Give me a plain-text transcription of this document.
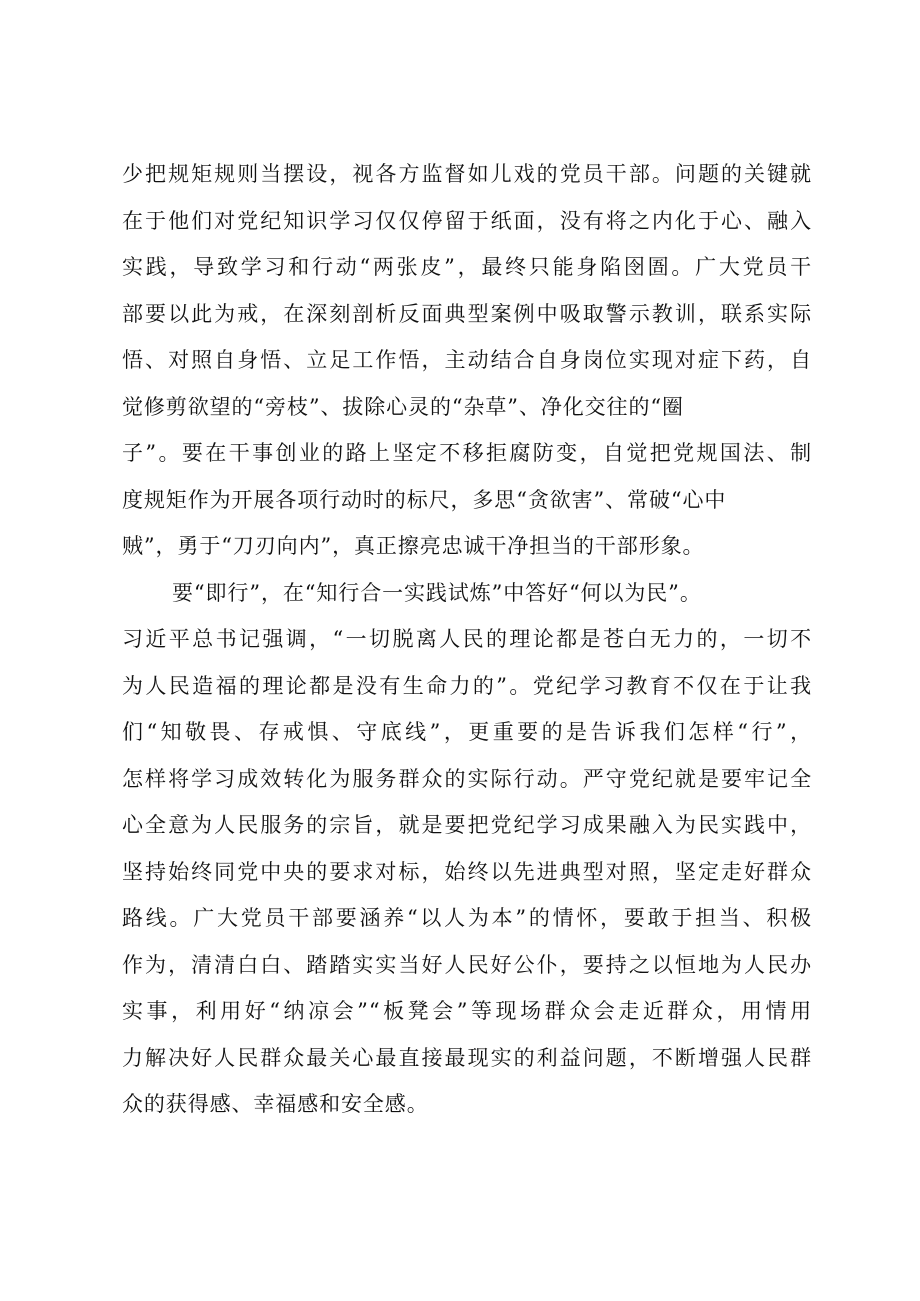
少把规矩规则当摆设，视各方监督如儿戏的党员干部。问题的关键就
在于他们对党纪知识学习仅仅停留于纸面，没有将之内化于心、融入
实践，导致学习和行动“两张皮”，最终只能身陷囹圄。广大党员干
部要以此为戒，在深刻剖析反面典型案例中吸取警示教训，联系实际
悟、对照自身悟、立足工作悟，主动结合自身岗位实现对症下药，自
觉修剪欲望的“旁枝”、拔除心灵的“杂草”、净化交往的“圈
子”。要在干事创业的路上坚定不移拒腐防变，自觉把党规国法、制
度规矩作为开展各项行动时的标尺，多思“贪欲害”、常破“心中
贼”，勇于“刀刃向内”，真正擦亮忠诚干净担当的干部形象。
要“即行”，在“知行合一实践试炼”中答好“何以为民”。
习近平总书记强调，“一切脱离人民的理论都是苍白无力的，一切不
为人民造福的理论都是没有生命力的”。党纪学习教育不仅在于让我
们“知敬畏、存戒惧、守底线”，更重要的是告诉我们怎样“行”，
怎样将学习成效转化为服务群众的实际行动。严守党纪就是要牢记全
心全意为人民服务的宗旨，就是要把党纪学习成果融入为民实践中，
坚持始终同党中央的要求对标，始终以先进典型对照，坚定走好群众
路线。广大党员干部要涵养“以人为本”的情怀，要敢于担当、积极
作为，清清白白、踏踏实实当好人民好公仆，要持之以恒地为人民办
实事，利用好“纳凉会”“板凳会”等现场群众会走近群众，用情用
力解决好人民群众最关心最直接最现实的利益问题，不断增强人民群
众的获得感、幸福感和安全感。
